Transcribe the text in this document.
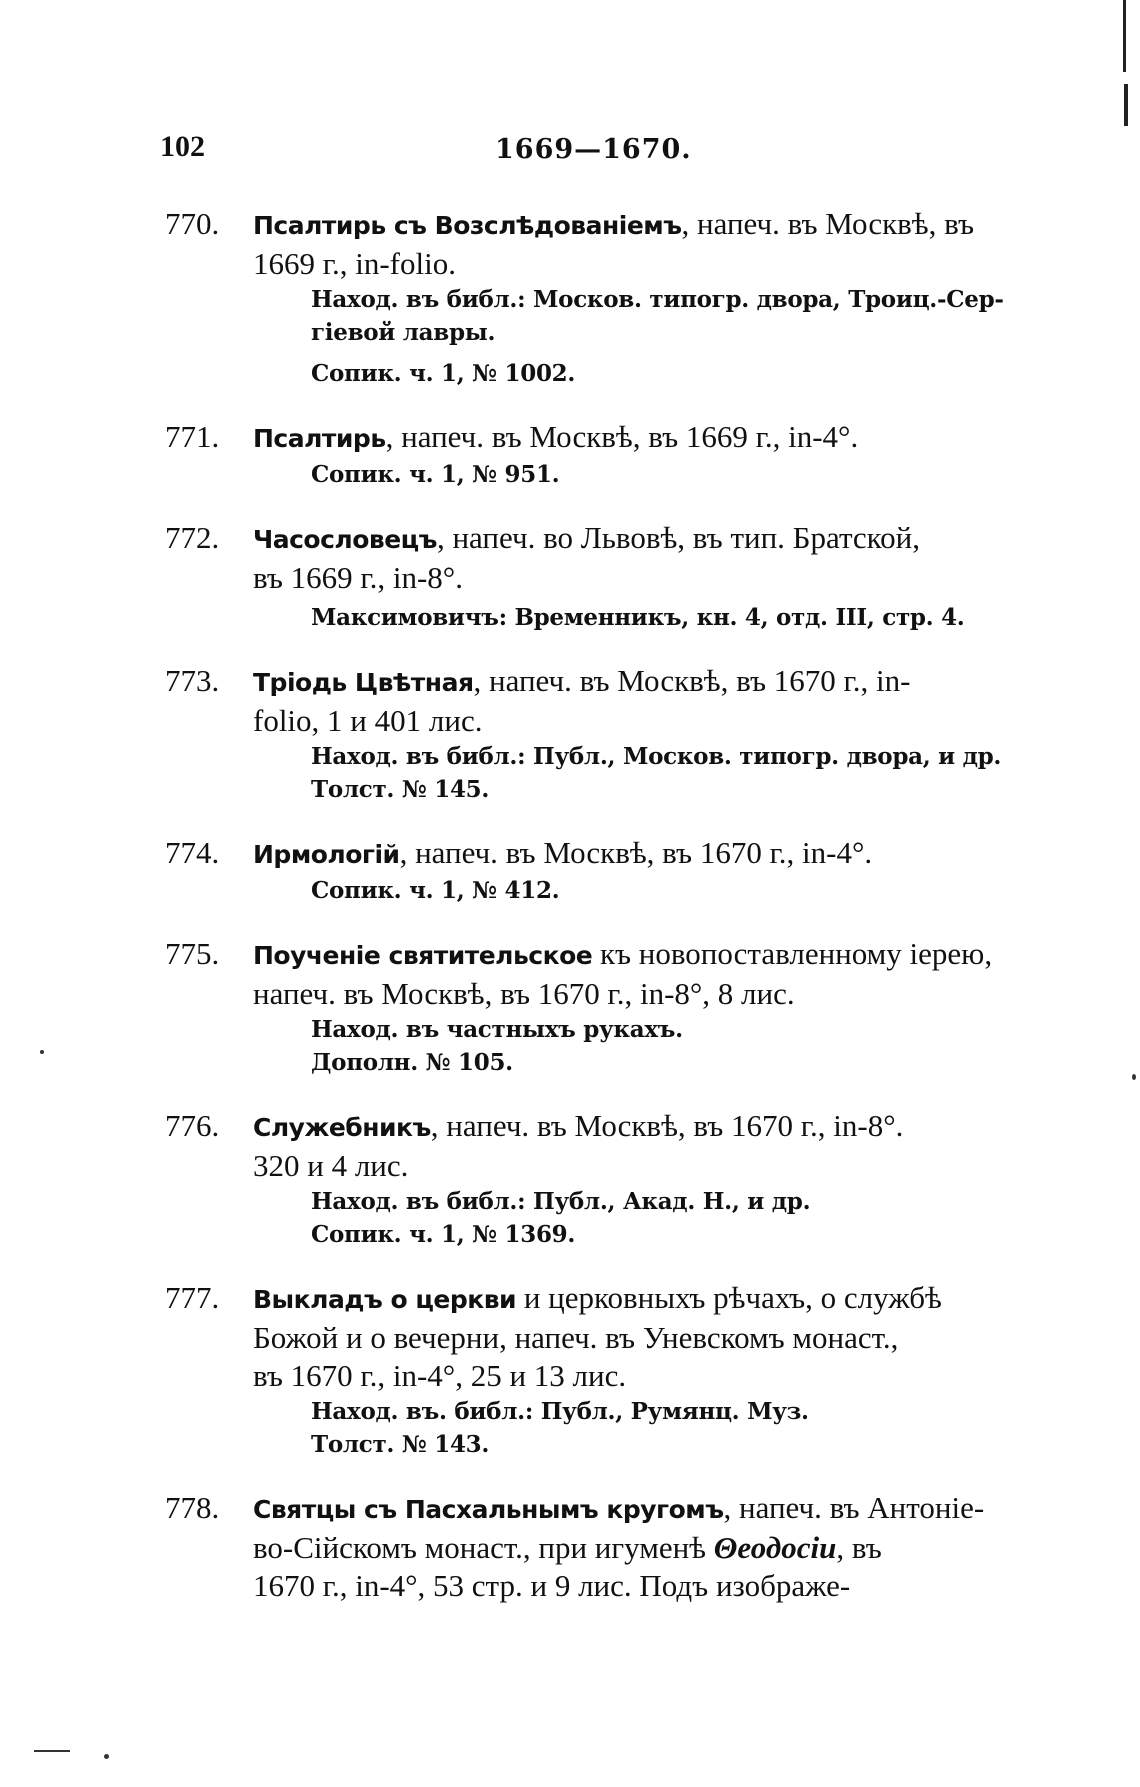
102	1669—1670.
770.	Псалтирь съ Возслѣдованіемъ, напеч. въ Москвѣ, въ
1669 г., in-folio.
Наход. въ библ.: Москов. типогр. двора, Троиц.-Сер-
гіевой лавры.
Сопик. ч. 1, № 1002.
771.	Псалтирь, напеч. въ Москвѣ, въ 1669 г., in-4°.
Сопик. ч. 1, № 951.
772.	Часословецъ, напеч. во Львовѣ, въ тип. Братской,
въ 1669 г., in-8°.
Максимовичъ: Временникъ, кн. 4, отд. III, стр. 4.
773.	Тріодь Цвѣтная, напеч. въ Москвѣ, въ 1670 г., in-
folio, 1 и 401 лис.
Наход. въ библ.: Публ., Москов. типогр. двора, и др.
Толст. № 145.
774.	Ирмологій, напеч. въ Москвѣ, въ 1670 г., in-4°.
Сопик. ч. 1, № 412.
775.	Поученіе святительское къ новопоставленному іерею,
напеч. въ Москвѣ, въ 1670 г., in-8°, 8 лис.
Наход. въ частныхъ рукахъ.
Дополн. № 105.
776.	Служебникъ, напеч. въ Москвѣ, въ 1670 г., in-8°.
320 и 4 лис.
Наход. въ библ.: Публ., Акад. Н., и др.
Сопик. ч. 1, № 1369.
777.	Выкладъ о церкви и церковныхъ рѣчахъ, о службѣ
Божой и о вечерни, напеч. въ Уневскомъ монаст.,
въ 1670 г., in-4°, 25 и 13 лис.
Наход. въ. библ.: Публ., Румянц. Муз.
Толст. № 143.
778.	Святцы съ Пасхальнымъ кругомъ, напеч. въ Антоніе-
во-Сійскомъ монаст., при игуменѣ Θеодосіи, въ
1670 г., in-4°, 53 стр. и 9 лис. Подъ изображе-
